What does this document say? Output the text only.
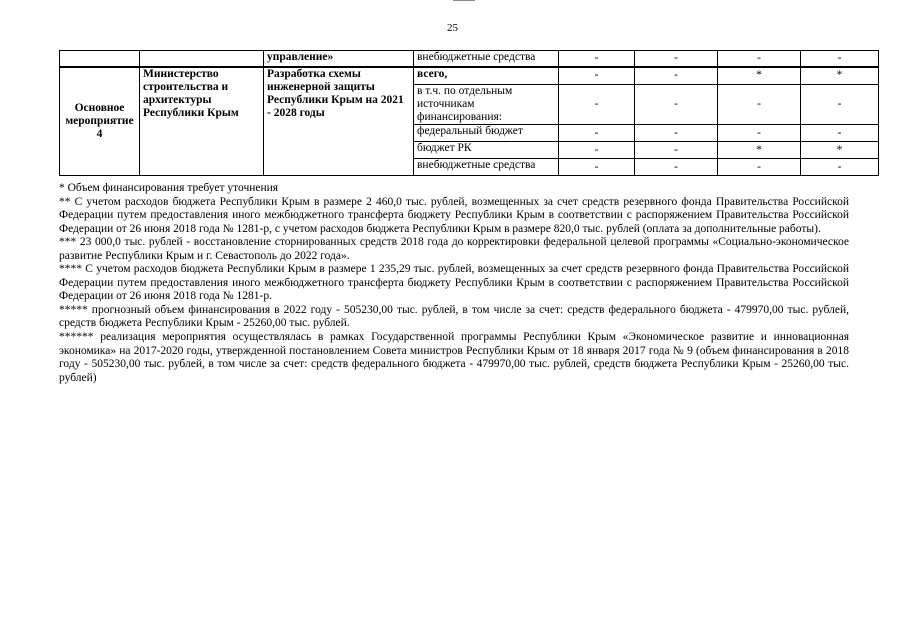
25
		управление»	внебюджетные средства	-	-	-	-
Основное мероприятие 4	Министерство строительства и архитектуры Республики Крым	Разработка схемы инженерной защиты Республики Крым на 2021 - 2028 годы	всего,	-	-	*	*
			в т.ч. по отдельным источникам финансирования:	-	-	-	-
			федеральный бюджет	-	-	-	-
			бюджет РК	-	-	*	*
			внебюджетные средства	-	-	-	-

* Объем финансирования требует уточнения

** С учетом расходов бюджета Республики Крым в размере 2 460,0 тыс. рублей, возмещенных за счет средств резервного фонда Правительства Российской Федерации путем предоставления иного межбюджетного трансферта бюджету Республики Крым в соответствии с распоряжением Правительства Российской Федерации от 26 июня 2018 года № 1281-р, с учетом расходов бюджета Республики Крым в размере 820,0 тыс. рублей (оплата за дополнительные работы).

*** 23 000,0 тыс. рублей - восстановление сторнированных средств 2018 года до корректировки федеральной целевой программы «Социально-экономическое развитие Республики Крым и г. Севастополь до 2022 года».

**** С учетом расходов бюджета Республики Крым в размере 1 235,29 тыс. рублей, возмещенных за счет средств резервного фонда Правительства Российской Федерации путем предоставления иного межбюджетного трансферта бюджету Республики Крым в соответствии с распоряжением Правительства Российской Федерации от 26 июня 2018 года № 1281-р.

***** прогнозный объем финансирования в 2022 году - 505230,00 тыс. рублей, в том числе за счет: средств федерального бюджета - 479970,00 тыс. рублей, средств бюджета Республики Крым - 25260,00 тыс. рублей.

****** реализация мероприятия осуществлялась в рамках Государственной программы Республики Крым «Экономическое развитие и инновационная экономика» на 2017-2020 годы, утвержденной постановлением Совета министров Республики Крым от 18 января 2017 года № 9 (объем финансирования в 2018 году - 505230,00 тыс. рублей, в том числе за счет: средств федерального бюджета - 479970,00 тыс. рублей, средств бюджета Республики Крым - 25260,00 тыс. рублей)
